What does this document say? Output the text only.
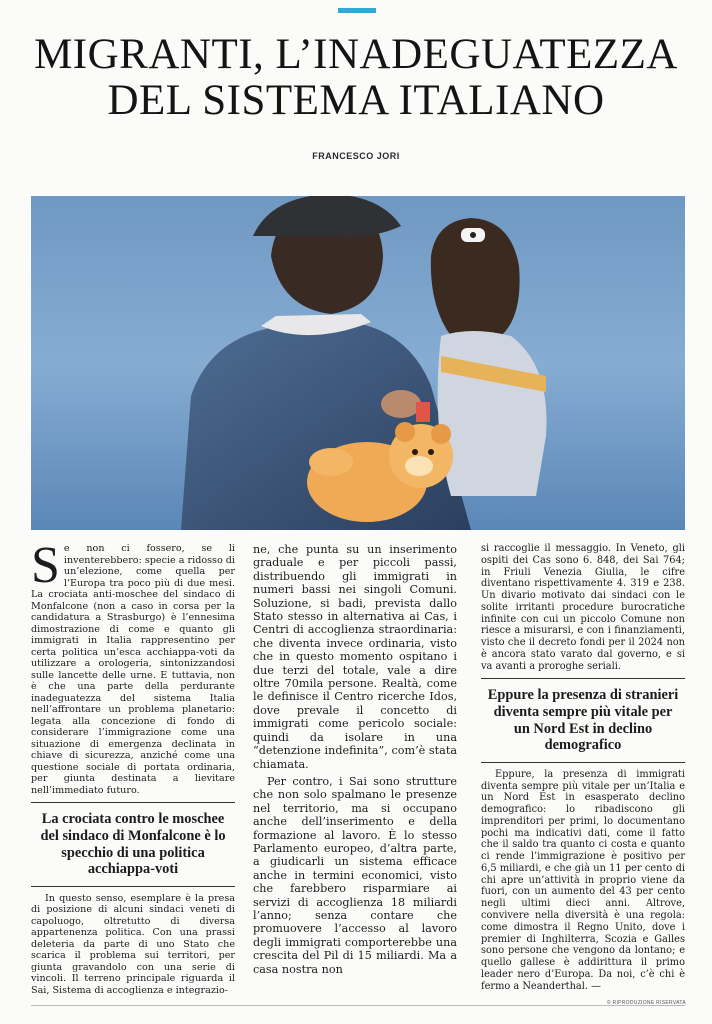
MIGRANTI, L’INADEGUATEZZA DEL SISTEMA ITALIANO
FRANCESCO JORI

S e non ci fossero, se li inventerebbero: specie a ridosso di un’elezione, come quella per l’Europa tra poco più di due mesi. La crociata anti-moschee del sindaco di Monfalcone (non a caso in corsa per la candidatura a Strasburgo) è l’ennesima dimostrazione di come e quanto gli immigrati in Italia rappresentino per certa politica un’esca acchiappa-voti da utilizzare a orologeria, sintonizzandosi sulle lancette delle urne. E tuttavia, non è che una parte della perdurante inadeguatezza del sistema Italia nell’affrontare un problema planetario: legata alla concezione di fondo di considerare l’immigrazione come una situazione di emergenza declinata in chiave di sicurezza, anziché come una questione sociale di portata ordinaria, per giunta destinata a lievitare nell’immediato futuro.

La crociata contro le moschee del sindaco di Monfalcone è lo specchio di una politica acchiappa-voti

In questo senso, esemplare è la presa di posizione di alcuni sindaci veneti di capoluogo, oltretutto di diversa appartenenza politica. Con una prassi deleteria da parte di uno Stato che scarica il problema sui territori, per giunta gravandolo con una serie di vincoli. Il terreno principale riguarda il Sai, Sistema di accoglienza e integrazio-

ne, che punta su un inserimento graduale e per piccoli passi, distribuendo gli immigrati in numeri bassi nei singoli Comuni. Soluzione, si badi, prevista dallo Stato stesso in alternativa ai Cas, i Centri di accoglienza straordinaria: che diventa invece ordinaria, visto che in questo momento ospitano i due terzi del totale, vale a dire oltre 70mila persone. Realtà, come le definisce il Centro ricerche Idos, dove prevale il concetto di immigrati come pericolo sociale: quindi da isolare in una “detenzione indefinita”, com’è stata chiamata.

Per contro, i Sai sono strutture che non solo spalmano le presenze nel territorio, ma si occupano anche dell’inserimento e della formazione al lavoro. È lo stesso Parlamento europeo, d’altra parte, a giudicarli un sistema efficace anche in termini economici, visto che farebbero risparmiare ai servizi di accoglienza 18 miliardi l’anno; senza contare che promuovere l’accesso al lavoro degli immigrati comporterebbe una crescita del Pil di 15 miliardi. Ma a casa nostra non

si raccoglie il messaggio. In Veneto, gli ospiti dei Cas sono 6. 848, dei Sai 764; in Friuli Venezia Giulia, le cifre diventano rispettivamente 4. 319 e 238. Un divario motivato dai sindaci con le solite irritanti procedure burocratiche infinite con cui un piccolo Comune non riesce a misurarsi, e con i finanziamenti, visto che il decreto fondi per il 2024 non è ancora stato varato dal governo, e si va avanti a proroghe seriali.

Eppure la presenza di stranieri diventa sempre più vitale per un Nord Est in declino demografico

Eppure, la presenza di immigrati diventa sempre più vitale per un’Italia e un Nord Est in esasperato declino demografico: lo ribadiscono gli imprenditori per primi, lo documentano pochi ma indicativi dati, come il fatto che il saldo tra quanto ci costa e quanto ci rende l’immigrazione è positivo per 6,5 miliardi, e che già un 11 per cento di chi apre un’attività in proprio viene da fuori, con un aumento del 43 per cento negli ultimi dieci anni. Altrove, convivere nella diversità è una regola: come dimostra il Regno Unito, dove i premier di Inghilterra, Scozia e Galles sono persone che vengono da lontano; e quello gallese è addirittura il primo leader nero d’Europa. Da noi, c’è chi è fermo a Neanderthal. —

© RIPRODUZIONE RISERVATA
